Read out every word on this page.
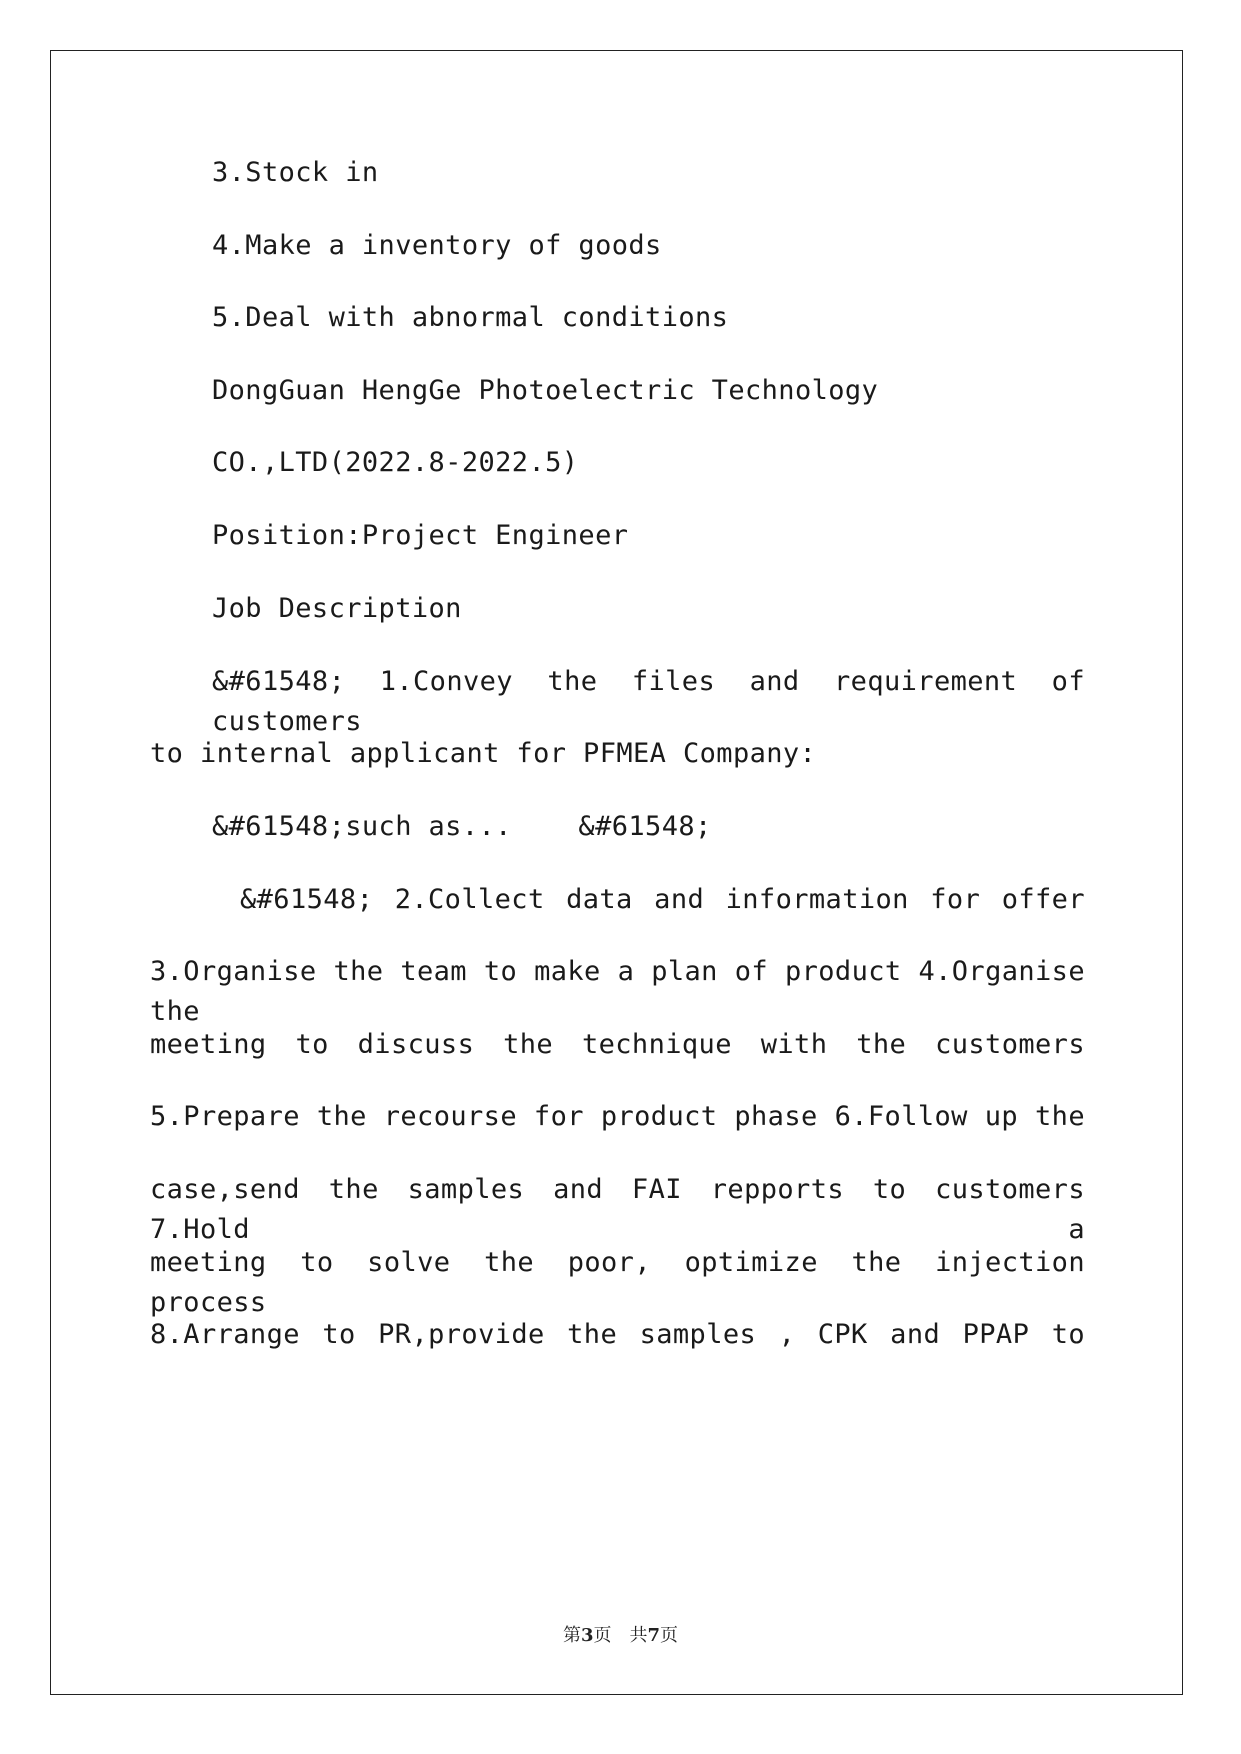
3.Stock in
4.Make a inventory of goods
5.Deal with abnormal conditions
DongGuan HengGe Photoelectric Technology
CO.,LTD(2022.8-2022.5)
Position:Project Engineer
Job Description
&#61548; 1.Convey the files and requirement of customers
to internal applicant for PFMEA Company:
&#61548;such as...    &#61548;
&#61548; 2.Collect data and information for offer
3.Organise the team to make a plan of product 4.Organise the
meeting to discuss the technique with the customers
5.Prepare the recourse for product phase 6.Follow up the
case,send the samples and FAI repports to customers 7.Hold a
meeting to solve the poor, optimize the injection process
8.Arrange to PR,provide the samples , CPK and PPAP to
第3页　共7页
